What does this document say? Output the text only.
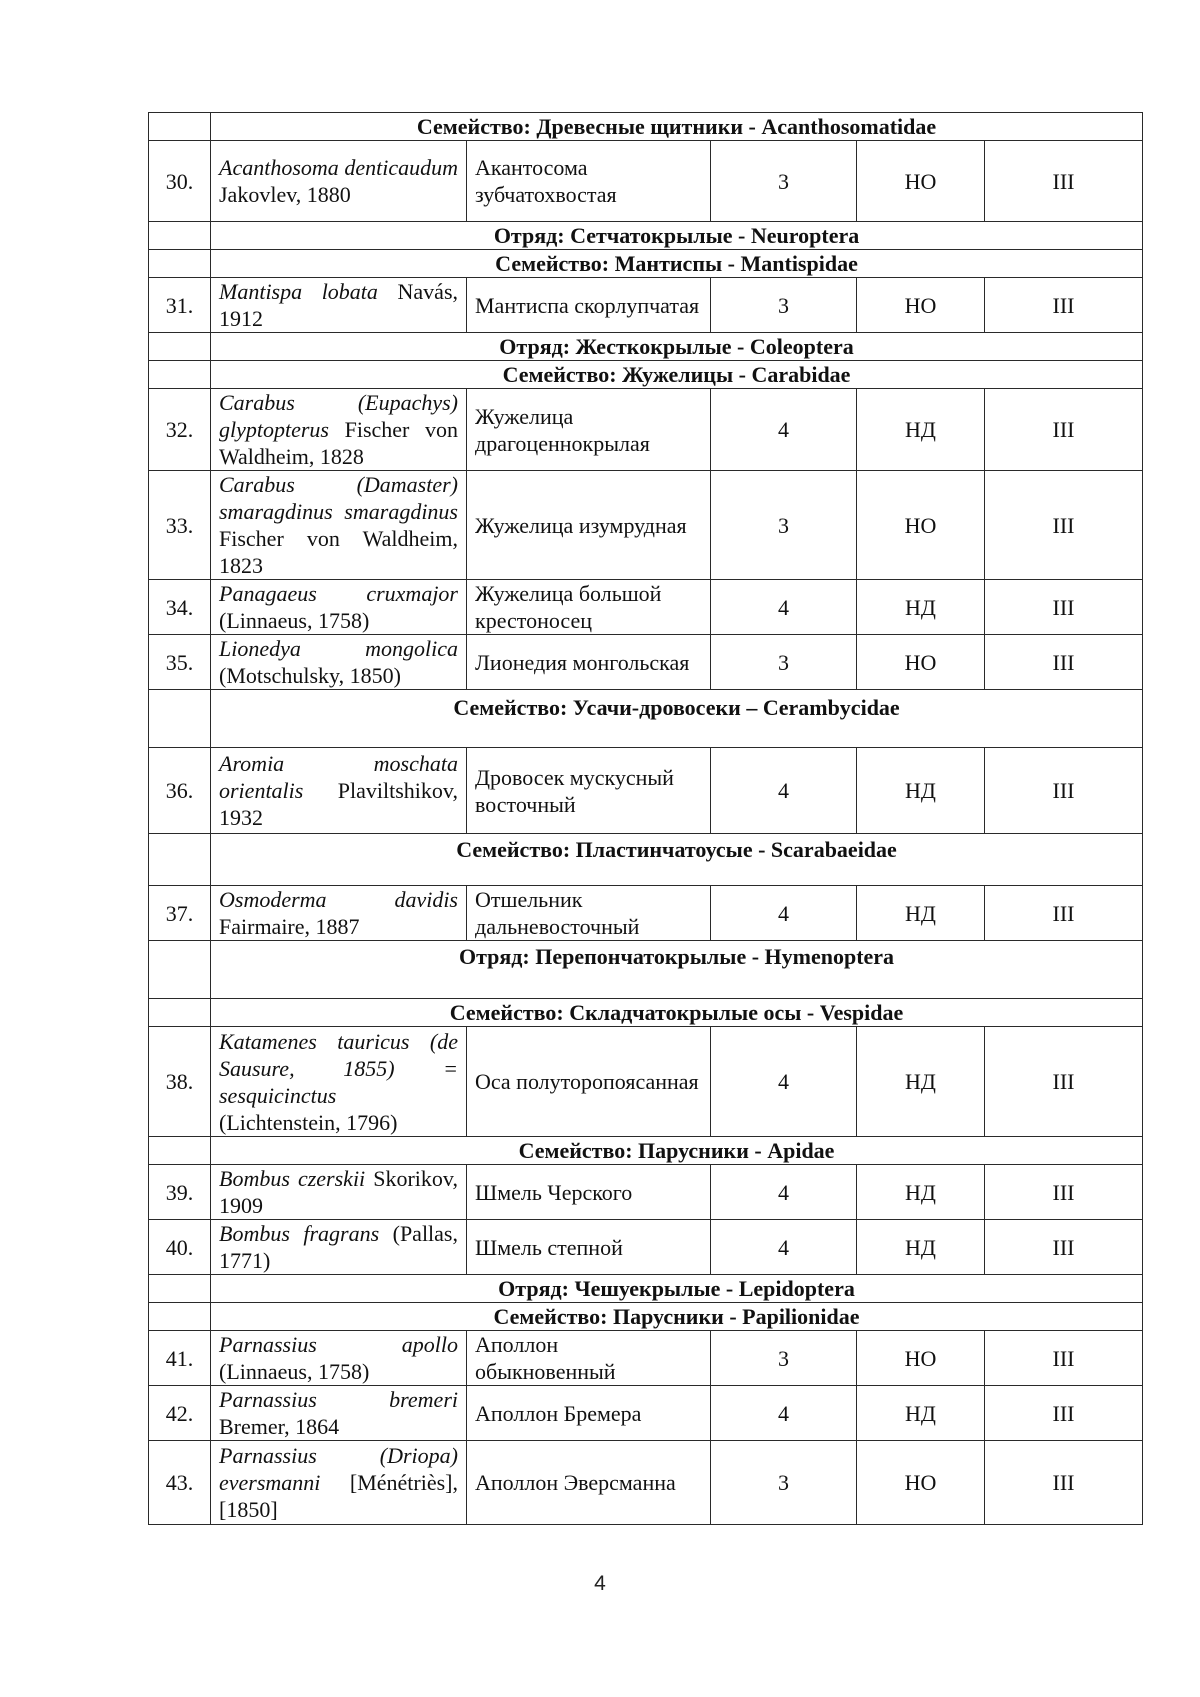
	Семейство: Древесные щитники - Acanthosomatidae				
30.	Acanthosoma denticaudum Jakovlev, 1880	Акантосома зубчатохвостая	3	НО	III
	Отряд: Сетчатокрылые - Neuroptera				
	Семейство: Мантиспы - Mantispidae				
31.	Mantispa lobata Navás, 1912	Мантиспа скорлупчатая	3	НО	III
	Отряд: Жесткокрылые - Coleoptera				
	Семейство: Жужелицы - Carabidae				
32.	Carabus (Eupachys) glyptopterus Fischer von Waldheim, 1828	Жужелица драгоценнокрылая	4	НД	III
33.	Carabus (Damaster) smaragdinus smaragdinus Fischer von Waldheim, 1823	Жужелица изумрудная	3	НО	III
34.	Panagaeus cruxmajor (Linnaeus, 1758)	Жужелица большой крестоносец	4	НД	III
35.	Lionedya mongolica (Motschulsky, 1850)	Лионедия монгольская	3	НО	III
	Семейство: Усачи-дровосеки – Cerambycidae				
36.	Aromia moschata orientalis Plaviltshikov, 1932	Дровосек мускусный восточный	4	НД	III
	Семейство: Пластинчатоусые - Scarabaeidae				
37.	Osmoderma davidis Fairmaire, 1887	Отшельник дальневосточный	4	НД	III
	Отряд: Перепончатокрылые - Hymenoptera				
	Семейство: Складчатокрылые осы - Vespidae				
38.	Katamenes tauricus (de Sausure, 1855) = sesquicinctus (Lichtenstein, 1796)	Оса полуторопоясанная	4	НД	III
	Семейство: Парусники - Apidae				
39.	Bombus czerskii Skorikov, 1909	Шмель Черского	4	НД	III
40.	Bombus fragrans (Pallas, 1771)	Шмель степной	4	НД	III
	Отряд: Чешуекрылые - Lepidoptera				
	Семейство: Парусники - Papilionidae				
41.	Parnassius apollo (Linnaeus, 1758)	Аполлон обыкновенный	3	НО	III
42.	Parnassius bremeri Bremer, 1864	Аполлон Бремера	4	НД	III
43.	Parnassius (Driopa) eversmanni [Ménétriès], [1850]	Аполлон Эверсманна	3	НО	III
4
